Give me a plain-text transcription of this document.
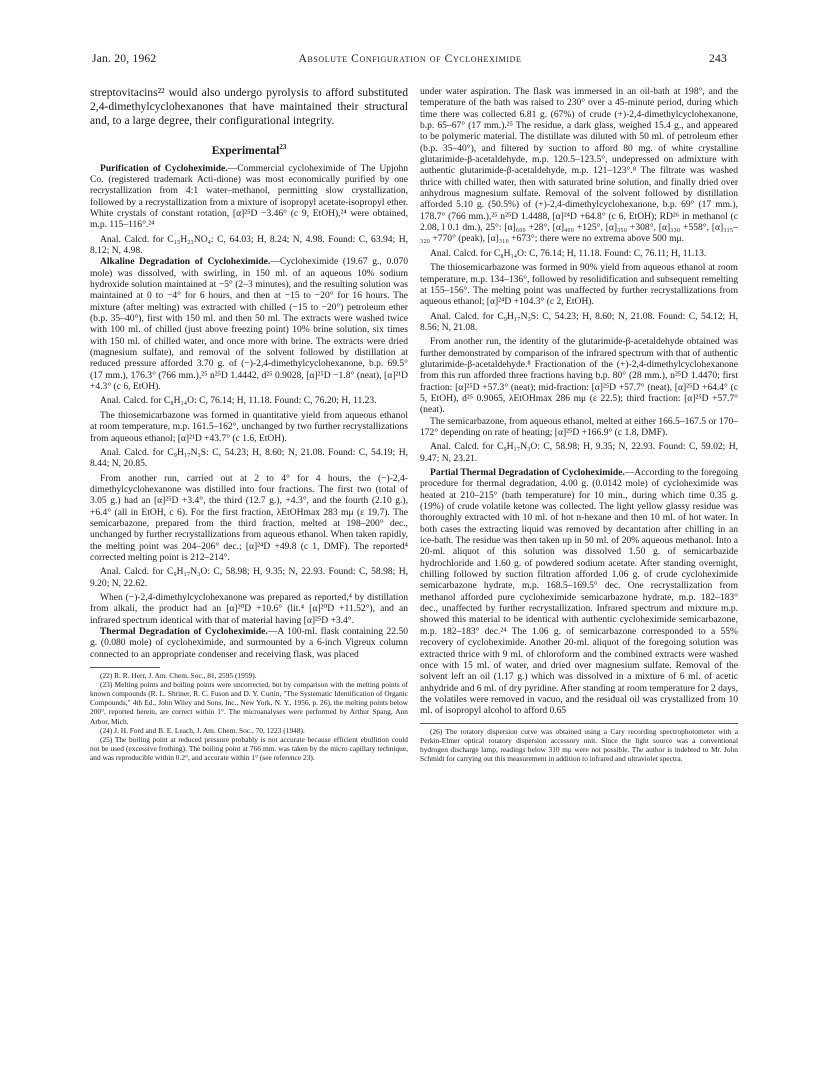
Jan. 20, 1962	Absolute Configuration of Cycloheximide	243

streptovitacins²² would also undergo pyrolysis to afford substituted 2,4-dimethylcyclohexanones that have maintained their structural and, to a large degree, their configurational integrity.

Experimental$^{23}$

Purification of Cycloheximide.—Commercial cycloheximide of The Upjohn Co. (registered trademark Acti-dione) was most economically purified by one recrystallization from 4:1 water–methanol, permitting slow crystallization, followed by a recrystallization from a mixture of isopropyl acetate-isopropyl ether. White crystals of constant rotation, [α]²⁵D −3.46° (c 9, EtOH),²⁴ were obtained, m.p. 115–116°.²⁴

Anal. Calcd. for C₁₅H₂₃NO₄: C, 64.03; H, 8.24; N, 4.98. Found: C, 63.94; H, 8.12; N, 4.98.

Alkaline Degradation of Cycloheximide.—Cycloheximide (19.67 g., 0.070 mole) was dissolved, with swirling, in 150 ml. of an aqueous 10% sodium hydroxide solution maintained at −5° (2–3 minutes), and the resulting solution was maintained at 0 to −4° for 6 hours, and then at −15 to −20° for 16 hours. The mixture (after melting) was extracted with chilled (−15 to −20°) petroleum ether (b.p. 35–40°), first with 150 ml. and then 50 ml. The extracts were washed twice with 100 ml. of chilled (just above freezing point) 10% brine solution, six times with 150 ml. of chilled water, and once more with brine. The extracts were dried (magnesium sulfate), and removal of the solvent followed by distillation at reduced pressure afforded 3.70 g. of (−)-2,4-dimethylcyclohexanone, b.p. 69.5° (17 mm.), 176.3° (766 mm.),²⁵ n²⁵D 1.4442, d²⁵ 0.9028, [α]²⁵D −1.8° (neat), [α]²¹D +4.3° (c 6, EtOH).

Anal. Calcd. for C₈H₁₄O: C, 76.14; H, 11.18. Found: C, 76.20; H, 11.23.

The thiosemicarbazone was formed in quantitative yield from aqueous ethanol at room temperature, m.p. 161.5–162°, unchanged by two further recrystallizations from aqueous ethanol; [α]²¹D +43.7° (c 1.6, EtOH).

Anal. Calcd. for C₉H₁₇N₃S: C, 54.23; H, 8.60; N, 21.08. Found: C, 54.19; H, 8.44; N, 20.85.

From another run, carried out at 2 to 4° for 4 hours, the (−)-2,4-dimethylcyclohexanone was distilled into four fractions. The first two (total of 3.05 g.) had an [α]²⁵D +3.4°, the third (12.7 g.), +4.3°, and the fourth (2.10 g.), +6.4° (all in EtOH, c 6). For the first fraction, λEtOHmax 283 mμ (ε 19.7). The semicarbazone, prepared from the third fraction, melted at 198–200° dec., unchanged by further recrystallizations from aqueous ethanol. When taken rapidly, the melting point was 204–206° dec.; [α]²⁴D +49.8 (c 1, DMF). The reported⁴ corrected melting point is 212–214°.

Anal. Calcd. for C₉H₁₇N₃O: C, 58.98; H, 9.35; N, 22.93. Found: C, 58.98; H, 9.20; N, 22.62.

When (−)-2,4-dimethylcyclohexanone was prepared as reported,⁴ by distillation from alkali, the product had an [α]²⁰D +10.6° (lit.⁴ [α]²⁰D +11.52°), and an infrared spectrum identical with that of material having [α]²⁵D +3.4°.

Thermal Degradation of Cycloheximide.—A 100-ml. flask containing 22.50 g. (0.080 mole) of cycloheximide, and surmounted by a 6-inch Vigreux column connected to an appropriate condenser and receiving flask, was placed

(22) R. R. Herr, J. Am. Chem. Soc., 81, 2595 (1959).

(23) Melting points and boiling points were uncorrected, but by comparison with the melting points of known compounds (R. L. Shriner, R. C. Fuson and D. Y. Curtin, "The Systematic Identification of Organic Compounds," 4th Ed., John Wiley and Sons, Inc., New York, N. Y., 1956, p. 26), the melting points below 200°, reported herein, are correct within 1°. The microanalyses were performed by Arthur Spang, Ann Arbor, Mich.

(24) J. H. Ford and B. E. Leach, J. Am. Chem. Soc., 70, 1223 (1948).

(25) The boiling point at reduced pressure probably is not accurate because efficient ebullition could not be used (excessive frothing). The boiling point at 766 mm. was taken by the micro capillary technique, and was reproducible within 0.2°, and accurate within 1° (see reference 23).

under water aspiration. The flask was immersed in an oil-bath at 198°, and the temperature of the bath was raised to 230° over a 45-minute period, during which time there was collected 6.81 g. (67%) of crude (+)-2,4-dimethylcyclohexanone, b.p. 65–67° (17 mm.).²⁵ The residue, a dark glass, weighed 15.4 g., and appeared to be polymeric material. The distillate was diluted with 50 ml. of petroleum ether (b.p. 35–40°), and filtered by suction to afford 80 mg. of white crystalline glutarimide-β-acetaldehyde, m.p. 120.5–123.5°, undepressed on admixture with authentic glutarimide-β-acetaldehyde, m.p. 121–123°.⁸ The filtrate was washed thrice with chilled water, then with saturated brine solution, and finally dried over anhydrous magnesium sulfate. Removal of the solvent followed by distillation afforded 5.10 g. (50.5%) of (+)-2,4-dimethylcyclohexanone, b.p. 69° (17 mm.), 178.7° (766 mm.),²⁵ n²⁵D 1.4488, [α]²⁴D +64.8° (c 6, EtOH); RD²⁶ in methanol (c 2.08, l 0.1 dm.), 25°: [α]₆₀₀ +28°, [α]₄₀₀ +125°, [α]₃₅₀ +308°, [α]₃₃₀ +558°, [α]₃₁₅–₃₂₀ +770° (peak), [α]₃₁₀ +673°; there were no extrema above 500 mμ.

Anal. Calcd. for C₈H₁₄O: C, 76.14; H, 11.18. Found: C, 76.11; H, 11.13.

The thiosemicarbazone was formed in 90% yield from aqueous ethanol at room temperature, m.p. 134–136°, followed by resolidification and subsequent remelting at 155–156°. The melting point was unaffected by further recrystallizations from aqueous ethanol; [α]²⁴D +104.3° (c 2, EtOH).

Anal. Calcd. for C₉H₁₇N₃S: C, 54.23; H, 8.60; N, 21.08. Found: C, 54.12; H, 8.56; N, 21.08.

From another run, the identity of the glutarimide-β-acetaldehyde obtained was further demonstrated by comparison of the infrared spectrum with that of authentic glutarimide-β-acetaldehyde.⁸ Fractionation of the (+)-2,4-dimethylcyclohexanone from this run afforded three fractions having b.p. 80° (28 mm.), n²⁵D 1.4470; first fraction: [α]²⁵D +57.3° (neat); mid-fraction: [α]²⁵D +57.7° (neat), [α]²⁵D +64.4° (c 5, EtOH), d²⁵ 0.9065, λEtOHmax 286 mμ (ε 22.5); third fraction: [α]²⁵D +57.7° (neat).

The semicarbazone, from aqueous ethanol, melted at either 166.5–167.5 or 170–172° depending on rate of heating; [α]²⁵D +166.9° (c 1.8, DMF).

Anal. Calcd. for C₉H₁₇N₃O: C, 58.98; H, 9.35; N, 22.93. Found: C, 59.02; H, 9.47; N, 23.21.

Partial Thermal Degradation of Cycloheximide.—According to the foregoing procedure for thermal degradation, 4.00 g. (0.0142 mole) of cycloheximide was heated at 210–215° (bath temperature) for 10 min., during which time 0.35 g. (19%) of crude volatile ketone was collected. The light yellow glassy residue was thoroughly extracted with 10 ml. of hot n-hexane and then 10 ml. of hot water. In both cases the extracting liquid was removed by decantation after chilling in an ice-bath. The residue was then taken up in 50 ml. of 20% aqueous methanol. Into a 20-ml. aliquot of this solution was dissolved 1.50 g. of semicarbazide hydrochloride and 1.60 g. of powdered sodium acetate. After standing overnight, chilling followed by suction filtration afforded 1.06 g. of crude cycloheximide semicarbazone hydrate, m.p. 168.5–169.5° dec. One recrystallization from methanol afforded pure cycloheximide semicarbazone hydrate, m.p. 182–183° dec., unaffected by further recrystallization. Infrared spectrum and mixture m.p. showed this material to be identical with authentic cycloheximide semicarbazone, m.p. 182–183° dec.²⁴ The 1.06 g. of semicarbazone corresponded to a 55% recovery of cycloheximide. Another 20-ml. aliquot of the foregoing solution was extracted thrice with 9 ml. of chloroform and the combined extracts were washed once with 15 ml. of water, and dried over magnesium sulfate. Removal of the solvent left an oil (1.17 g.) which was dissolved in a mixture of 6 ml. of acetic anhydride and 6 ml. of dry pyridine. After standing at room temperature for 2 days, the volatiles were removed in vacuo, and the residual oil was crystallized from 10 ml. of isopropyl alcohol to afford 0.65

(26) The rotatory dispersion curve was obtained using a Cary recording spectrophotometer with a Perkin-Elmer optical rotatory dispersion accessory unit. Since the light source was a conventional hydrogen discharge lamp, readings below 310 mμ were not possible. The author is indebted to Mr. John Schmidt for carrying out this measurement in addition to infrared and ultraviolet spectra.
